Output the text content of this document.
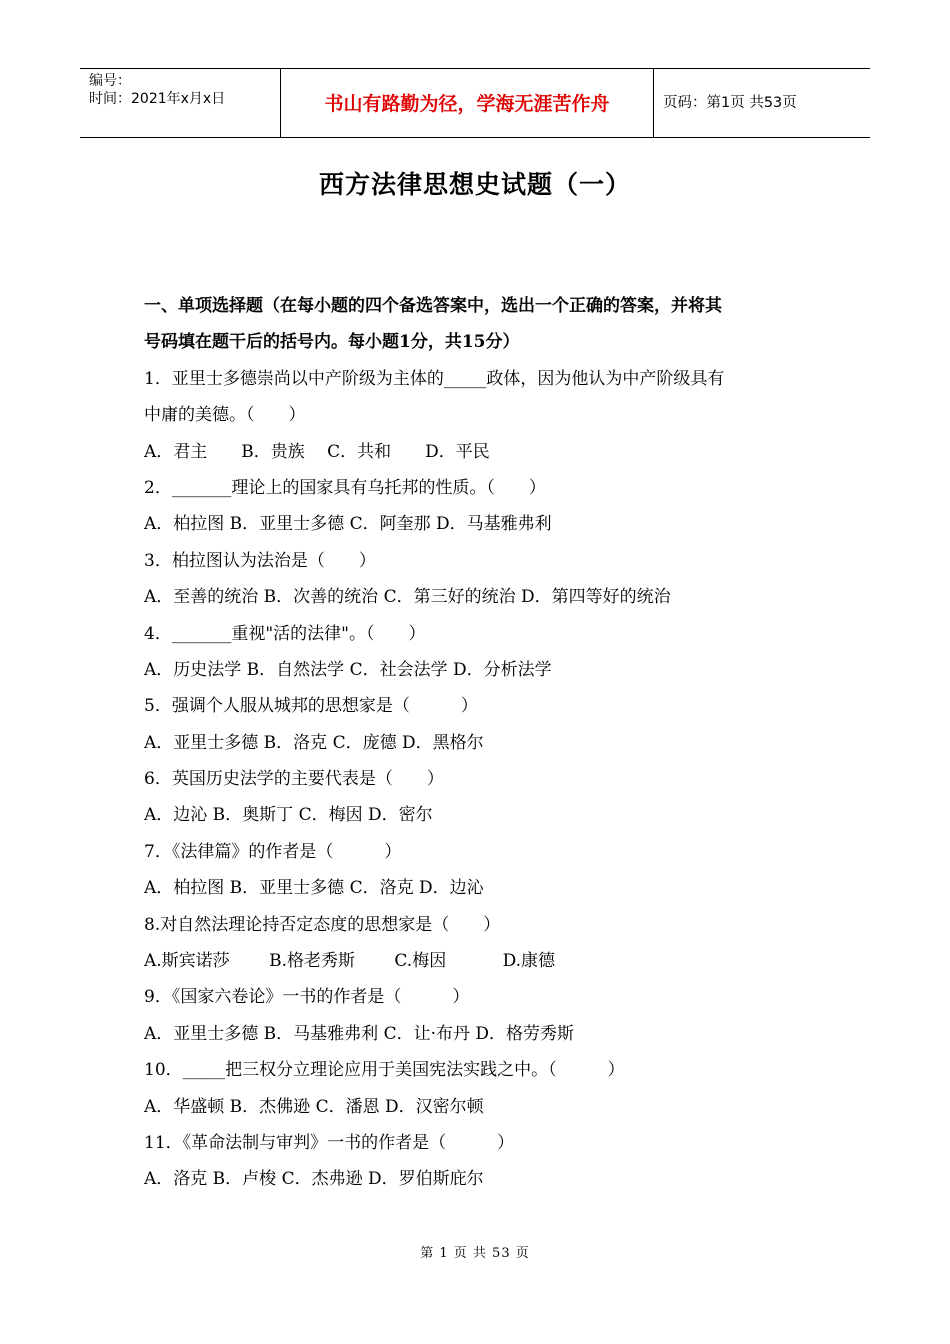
编号：
时间：2021年x月x日	书山有路勤为径，学海无涯苦作舟	页码：第1页 共53页
西方法律思想史试题（一）
一、单项选择题（在每小题的四个备选答案中，选出一个正确的答案，并将其
号码填在题干后的括号内。每小题1分，共15分）
1．亚里士多德崇尚以中产阶级为主体的_____政体，因为他认为中产阶级具有
中庸的美德。（　　）
A．君主　　B．贵族　 C．共和　　D．平民
2．_______理论上的国家具有乌托邦的性质。（　　）
A．柏拉图 B．亚里士多德 C．阿奎那 D．马基雅弗利
3．柏拉图认为法治是（　　）
A．至善的统治 B．次善的统治 C．第三好的统治 D．第四等好的统治
4．_______重视"活的法律"。（　　）
A．历史法学 B．自然法学 C．社会法学 D．分析法学
5．强调个人服从城邦的思想家是（　　　）
A．亚里士多德 B．洛克 C．庞德 D．黑格尔
6．英国历史法学的主要代表是（　　）
A．边沁 B．奥斯丁 C．梅因 D．密尔
7．《法律篇》的作者是（　　　）
A．柏拉图 B．亚里士多德 C．洛克 D．边沁
8.对自然法理论持否定态度的思想家是（　　）
A.斯宾诺莎　　 B.格老秀斯　　 C.梅因　　　 D.康德
9．《国家六卷论》一书的作者是（　　　）
A．亚里士多德 B．马基雅弗利 C．让·布丹 D．格劳秀斯
10．_____把三权分立理论应用于美国宪法实践之中。（　　　）
A．华盛顿 B．杰佛逊 C．潘恩 D．汉密尔顿
11．《革命法制与审判》一书的作者是（　　　）
A．洛克 B．卢梭 C．杰弗逊 D．罗伯斯庇尔
第 1 页 共 53 页
